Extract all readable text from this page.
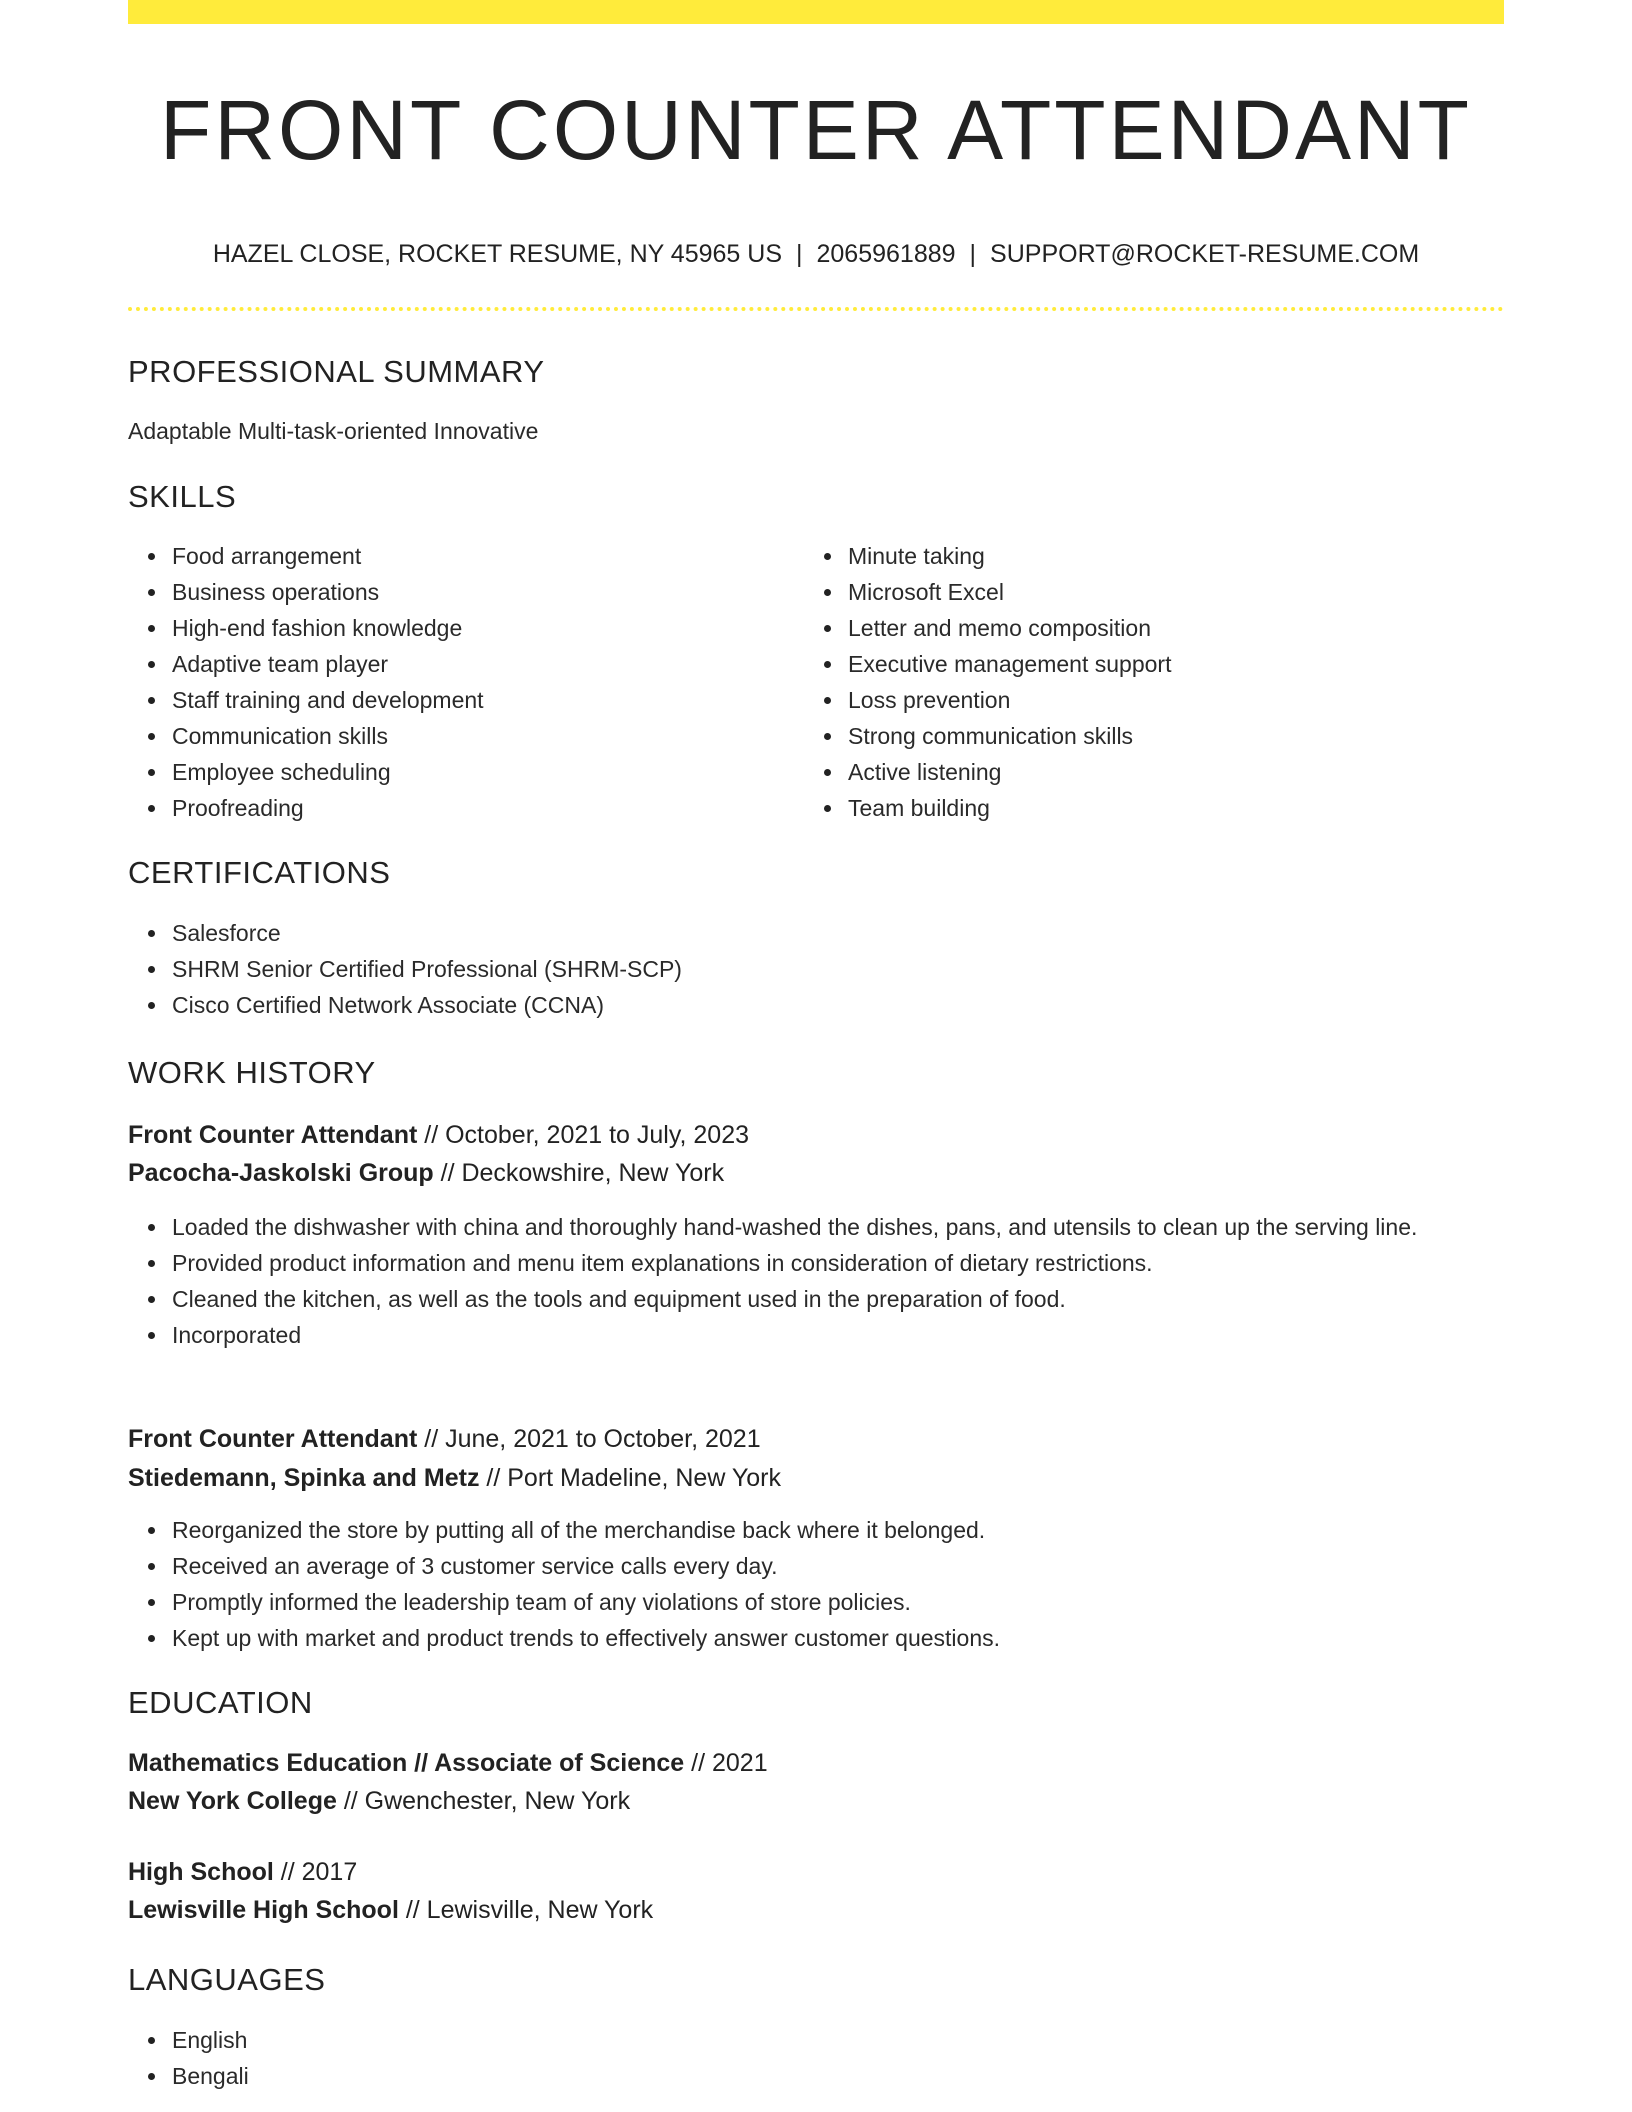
FRONT COUNTER ATTENDANT
HAZEL CLOSE, ROCKET RESUME, NY 45965 US | 2065961889 | SUPPORT@ROCKET-RESUME.COM
PROFESSIONAL SUMMARY

Adaptable Multi-task-oriented Innovative

SKILLS
Food arrangement
Business operations
High-end fashion knowledge
Adaptive team player
Staff training and development
Communication skills
Employee scheduling
Proofreading
Minute taking
Microsoft Excel
Letter and memo composition
Executive management support
Loss prevention
Strong communication skills
Active listening
Team building
CERTIFICATIONS
Salesforce
SHRM Senior Certified Professional (SHRM-SCP)
Cisco Certified Network Associate (CCNA)
WORK HISTORY
Front Counter Attendant // October, 2021 to July, 2023
Pacocha-Jaskolski Group // Deckowshire, New York
Loaded the dishwasher with china and thoroughly hand-washed the dishes, pans, and utensils to clean up the serving line.
Provided product information and menu item explanations in consideration of dietary restrictions.
Cleaned the kitchen, as well as the tools and equipment used in the preparation of food.
Incorporated
Front Counter Attendant // June, 2021 to October, 2021
Stiedemann, Spinka and Metz // Port Madeline, New York
Reorganized the store by putting all of the merchandise back where it belonged.
Received an average of 3 customer service calls every day.
Promptly informed the leadership team of any violations of store policies.
Kept up with market and product trends to effectively answer customer questions.
EDUCATION
Mathematics Education // Associate of Science // 2021
New York College // Gwenchester, New York
High School // 2017
Lewisville High School // Lewisville, New York
LANGUAGES
English
Bengali
